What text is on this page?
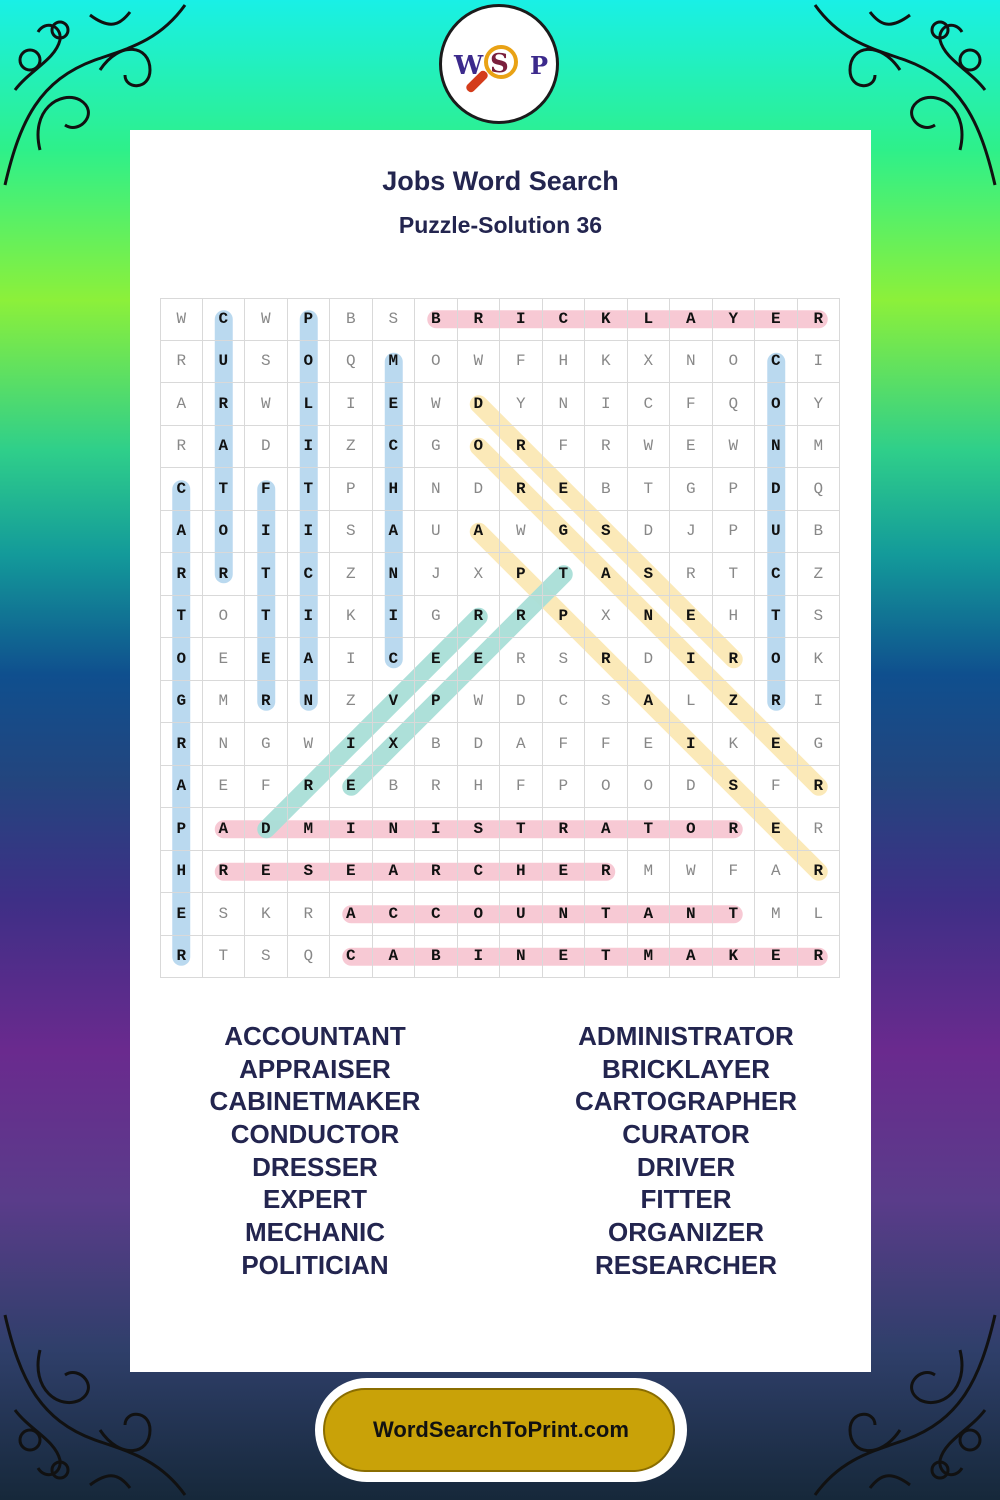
W S P
Jobs Word Search
Puzzle-Solution 36
W	C	W	P	B	S	B	R	I	C	K	L	A	Y	E	R
R	U	S	O	Q	M	O	W	F	H	K	X	N	O	C	I
A	R	W	L	I	E	W	D	Y	N	I	C	F	Q	O	Y
R	A	D	I	Z	C	G	O	R	F	R	W	E	W	N	M
C	T	F	T	P	H	N	D	R	E	B	T	G	P	D	Q
A	O	I	I	S	A	U	A	W	G	S	D	J	P	U	B
R	R	T	C	Z	N	J	X	P	T	A	S	R	T	C	Z
T	O	T	I	K	I	G	R	R	P	X	N	E	H	T	S
O	E	E	A	I	C	E	E	R	S	R	D	I	R	O	K
G	M	R	N	Z	V	P	W	D	C	S	A	L	Z	R	I
R	N	G	W	I	X	B	D	A	F	F	E	I	K	E	G
A	E	F	R	E	B	R	H	F	P	O	O	D	S	F	R
P	A	D	M	I	N	I	S	T	R	A	T	O	R	E	R
H	R	E	S	E	A	R	C	H	E	R	M	W	F	A	R
E	S	K	R	A	C	C	O	U	N	T	A	N	T	M	L
R	T	S	Q	C	A	B	I	N	E	T	M	A	K	E	R
ACCOUNTANT
APPRAISER
CABINETMAKER
CONDUCTOR
DRESSER
EXPERT
MECHANIC
POLITICIAN
ADMINISTRATOR
BRICKLAYER
CARTOGRAPHER
CURATOR
DRIVER
FITTER
ORGANIZER
RESEARCHER
WordSearchToPrint.com
